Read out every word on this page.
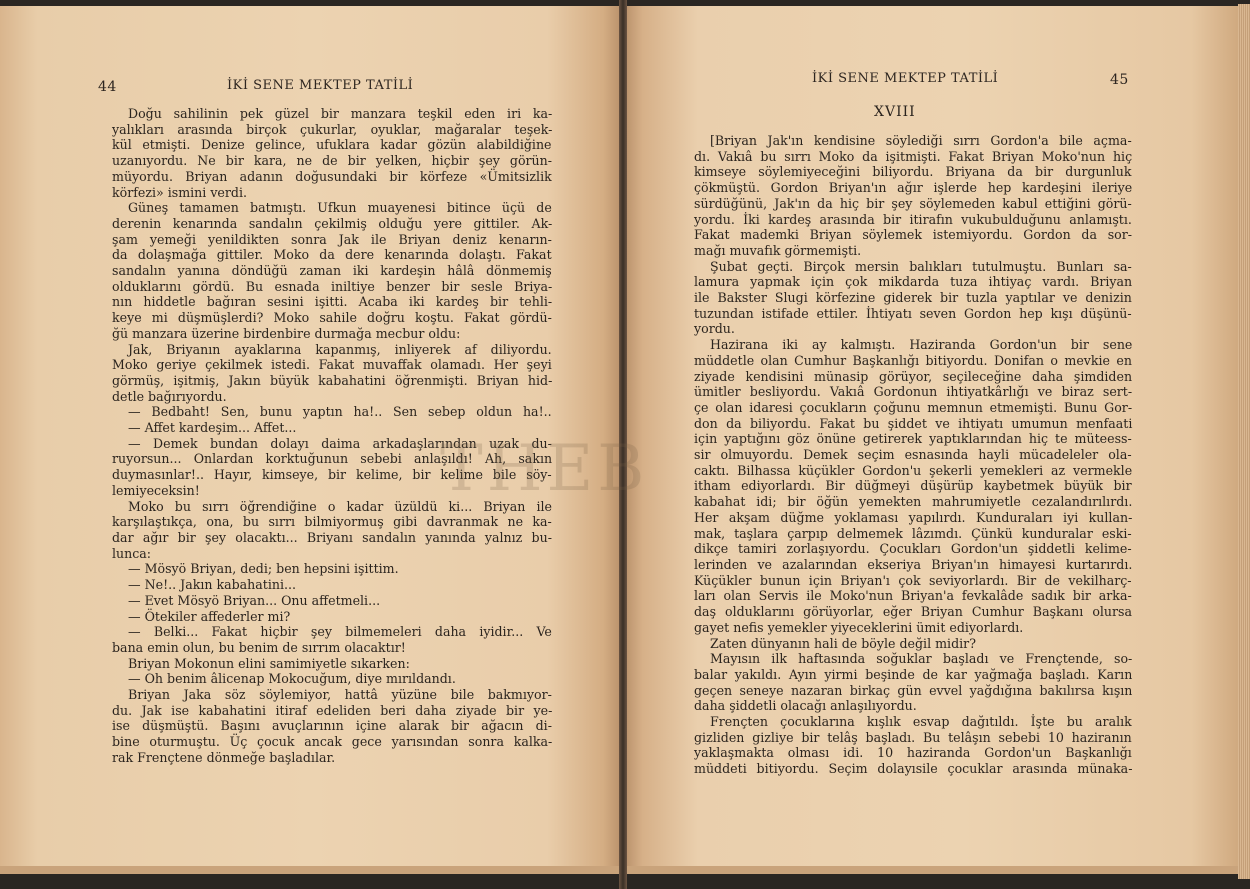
44	İKİ SENE MEKTEP TATİLİ	İKİ SENE MEKTEP TATİLİ	45
XVIII
Doğu sahilinin pek güzel bir manzara teşkil eden iri ka-
yalıkları arasında birçok çukurlar, oyuklar, mağaralar teşek-
kül etmişti. Denize gelince, ufuklara kadar gözün alabildiğine
uzanıyordu. Ne bir kara, ne de bir yelken, hiçbir şey görün-
müyordu. Briyan adanın doğusundaki bir körfeze «Ümitsizlik
körfezi» ismini verdi.
Güneş tamamen batmıştı. Ufkun muayenesi bitince üçü de
derenin kenarında sandalın çekilmiş olduğu yere gittiler. Ak-
şam yemeği yenildikten sonra Jak ile Briyan deniz kenarın-
da dolaşmağa gittiler. Moko da dere kenarında dolaştı. Fakat
sandalın yanına döndüğü zaman iki kardeşin hâlâ dönmemiş
olduklarını gördü. Bu esnada iniltiye benzer bir sesle Briya-
nın hiddetle bağıran sesini işitti. Acaba iki kardeş bir tehli-
keye mi düşmüşlerdi? Moko sahile doğru koştu. Fakat gördü-
ğü manzara üzerine birdenbire durmağa mecbur oldu:
Jak, Briyanın ayaklarına kapanmış, inliyerek af diliyordu.
Moko geriye çekilmek istedi. Fakat muvaffak olamadı. Her şeyi
görmüş, işitmiş, Jakın büyük kabahatini öğrenmişti. Briyan hid-
detle bağırıyordu.
— Bedbaht! Sen, bunu yaptın ha!.. Sen sebep oldun ha!..
— Affet kardeşim... Affet...
— Demek bundan dolayı daima arkadaşlarından uzak du-
ruyorsun... Onlardan korktuğunun sebebi anlaşıldı! Ah, sakın
duymasınlar!.. Hayır, kimseye, bir kelime, bir kelime bile söy-
lemiyeceksin!
Moko bu sırrı öğrendiğine o kadar üzüldü ki... Briyan ile
karşılaştıkça, ona, bu sırrı bilmiyormuş gibi davranmak ne ka-
dar ağır bir şey olacaktı... Briyanı sandalın yanında yalnız bu-
lunca:
— Mösyö Briyan, dedi; ben hepsini işittim.
— Ne!.. Jakın kabahatini...
— Evet Mösyö Briyan... Onu affetmeli...
— Ötekiler affederler mi?
— Belki... Fakat hiçbir şey bilmemeleri daha iyidir... Ve
bana emin olun, bu benim de sırrım olacaktır!
Briyan Mokonun elini samimiyetle sıkarken:
— Oh benim âlicenap Mokocuğum, diye mırıldandı.
Briyan Jaka söz söylemiyor, hattâ yüzüne bile bakmıyor-
du. Jak ise kabahatini itiraf edeliden beri daha ziyade bir ye-
ise düşmüştü. Başını avuçlarının içine alarak bir ağacın di-
bine oturmuştu. Üç çocuk ancak gece yarısından sonra kalka-
rak Frençtene dönmeğe başladılar.
[Briyan Jak'ın kendisine söylediği sırrı Gordon'a bile açma-
dı. Vakıâ bu sırrı Moko da işitmişti. Fakat Briyan Moko'nun hiç
kimseye söylemiyeceğini biliyordu. Briyana da bir durgunluk
çökmüştü. Gordon Briyan'ın ağır işlerde hep kardeşini ileriye
sürdüğünü, Jak'ın da hiç bir şey söylemeden kabul ettiğini görü-
yordu. İki kardeş arasında bir itirafın vukubulduğunu anlamıştı.
Fakat mademki Briyan söylemek istemiyordu. Gordon da sor-
mağı muvafık görmemişti.
Şubat geçti. Birçok mersin balıkları tutulmuştu. Bunları sa-
lamura yapmak için çok mikdarda tuza ihtiyaç vardı. Briyan
ile Bakster Slugi körfezine giderek bir tuzla yaptılar ve denizin
tuzundan istifade ettiler. İhtiyatı seven Gordon hep kışı düşünü-
yordu.
Hazirana iki ay kalmıştı. Haziranda Gordon'un bir sene
müddetle olan Cumhur Başkanlığı bitiyordu. Donifan o mevkie en
ziyade kendisini münasip görüyor, seçileceğine daha şimdiden
ümitler besliyordu. Vakıâ Gordonun ihtiyatkârlığı ve biraz sert-
çe olan idaresi çocukların çoğunu memnun etmemişti. Bunu Gor-
don da biliyordu. Fakat bu şiddet ve ihtiyatı umumun menfaati
için yaptığını göz önüne getirerek yaptıklarından hiç te müteess-
sir olmuyordu. Demek seçim esnasında hayli mücadeleler ola-
caktı. Bilhassa küçükler Gordon'u şekerli yemekleri az vermekle
itham ediyorlardı. Bir düğmeyi düşürüp kaybetmek büyük bir
kabahat idi; bir öğün yemekten mahrumiyetle cezalandırılırdı.
Her akşam düğme yoklaması yapılırdı. Kunduraları iyi kullan-
mak, taşlara çarpıp delmemek lâzımdı. Çünkü kunduralar eski-
dikçe tamiri zorlaşıyordu. Çocukları Gordon'un şiddetli kelime-
lerinden ve azalarından ekseriya Briyan'ın himayesi kurtarırdı.
Küçükler bunun için Briyan'ı çok seviyorlardı. Bir de vekilharç-
ları olan Servis ile Moko'nun Briyan'a fevkalâde sadık bir arka-
daş olduklarını görüyorlar, eğer Briyan Cumhur Başkanı olursa
gayet nefis yemekler yiyeceklerini ümit ediyorlardı.
Zaten dünyanın hali de böyle değil midir?
Mayısın ilk haftasında soğuklar başladı ve Frençtende, so-
balar yakıldı. Ayın yirmi beşinde de kar yağmağa başladı. Karın
geçen seneye nazaran birkaç gün evvel yağdığına bakılırsa kışın
daha şiddetli olacağı anlaşılıyordu.
Frençten çocuklarına kışlık esvap dağıtıldı. İşte bu aralık
gizliden gizliye bir telâş başladı. Bu telâşın sebebi 10 haziranın
yaklaşmakta olması idi. 10 haziranda Gordon'un Başkanlığı
müddeti bitiyordu. Seçim dolayısile çocuklar arasında münaka-
THEB
